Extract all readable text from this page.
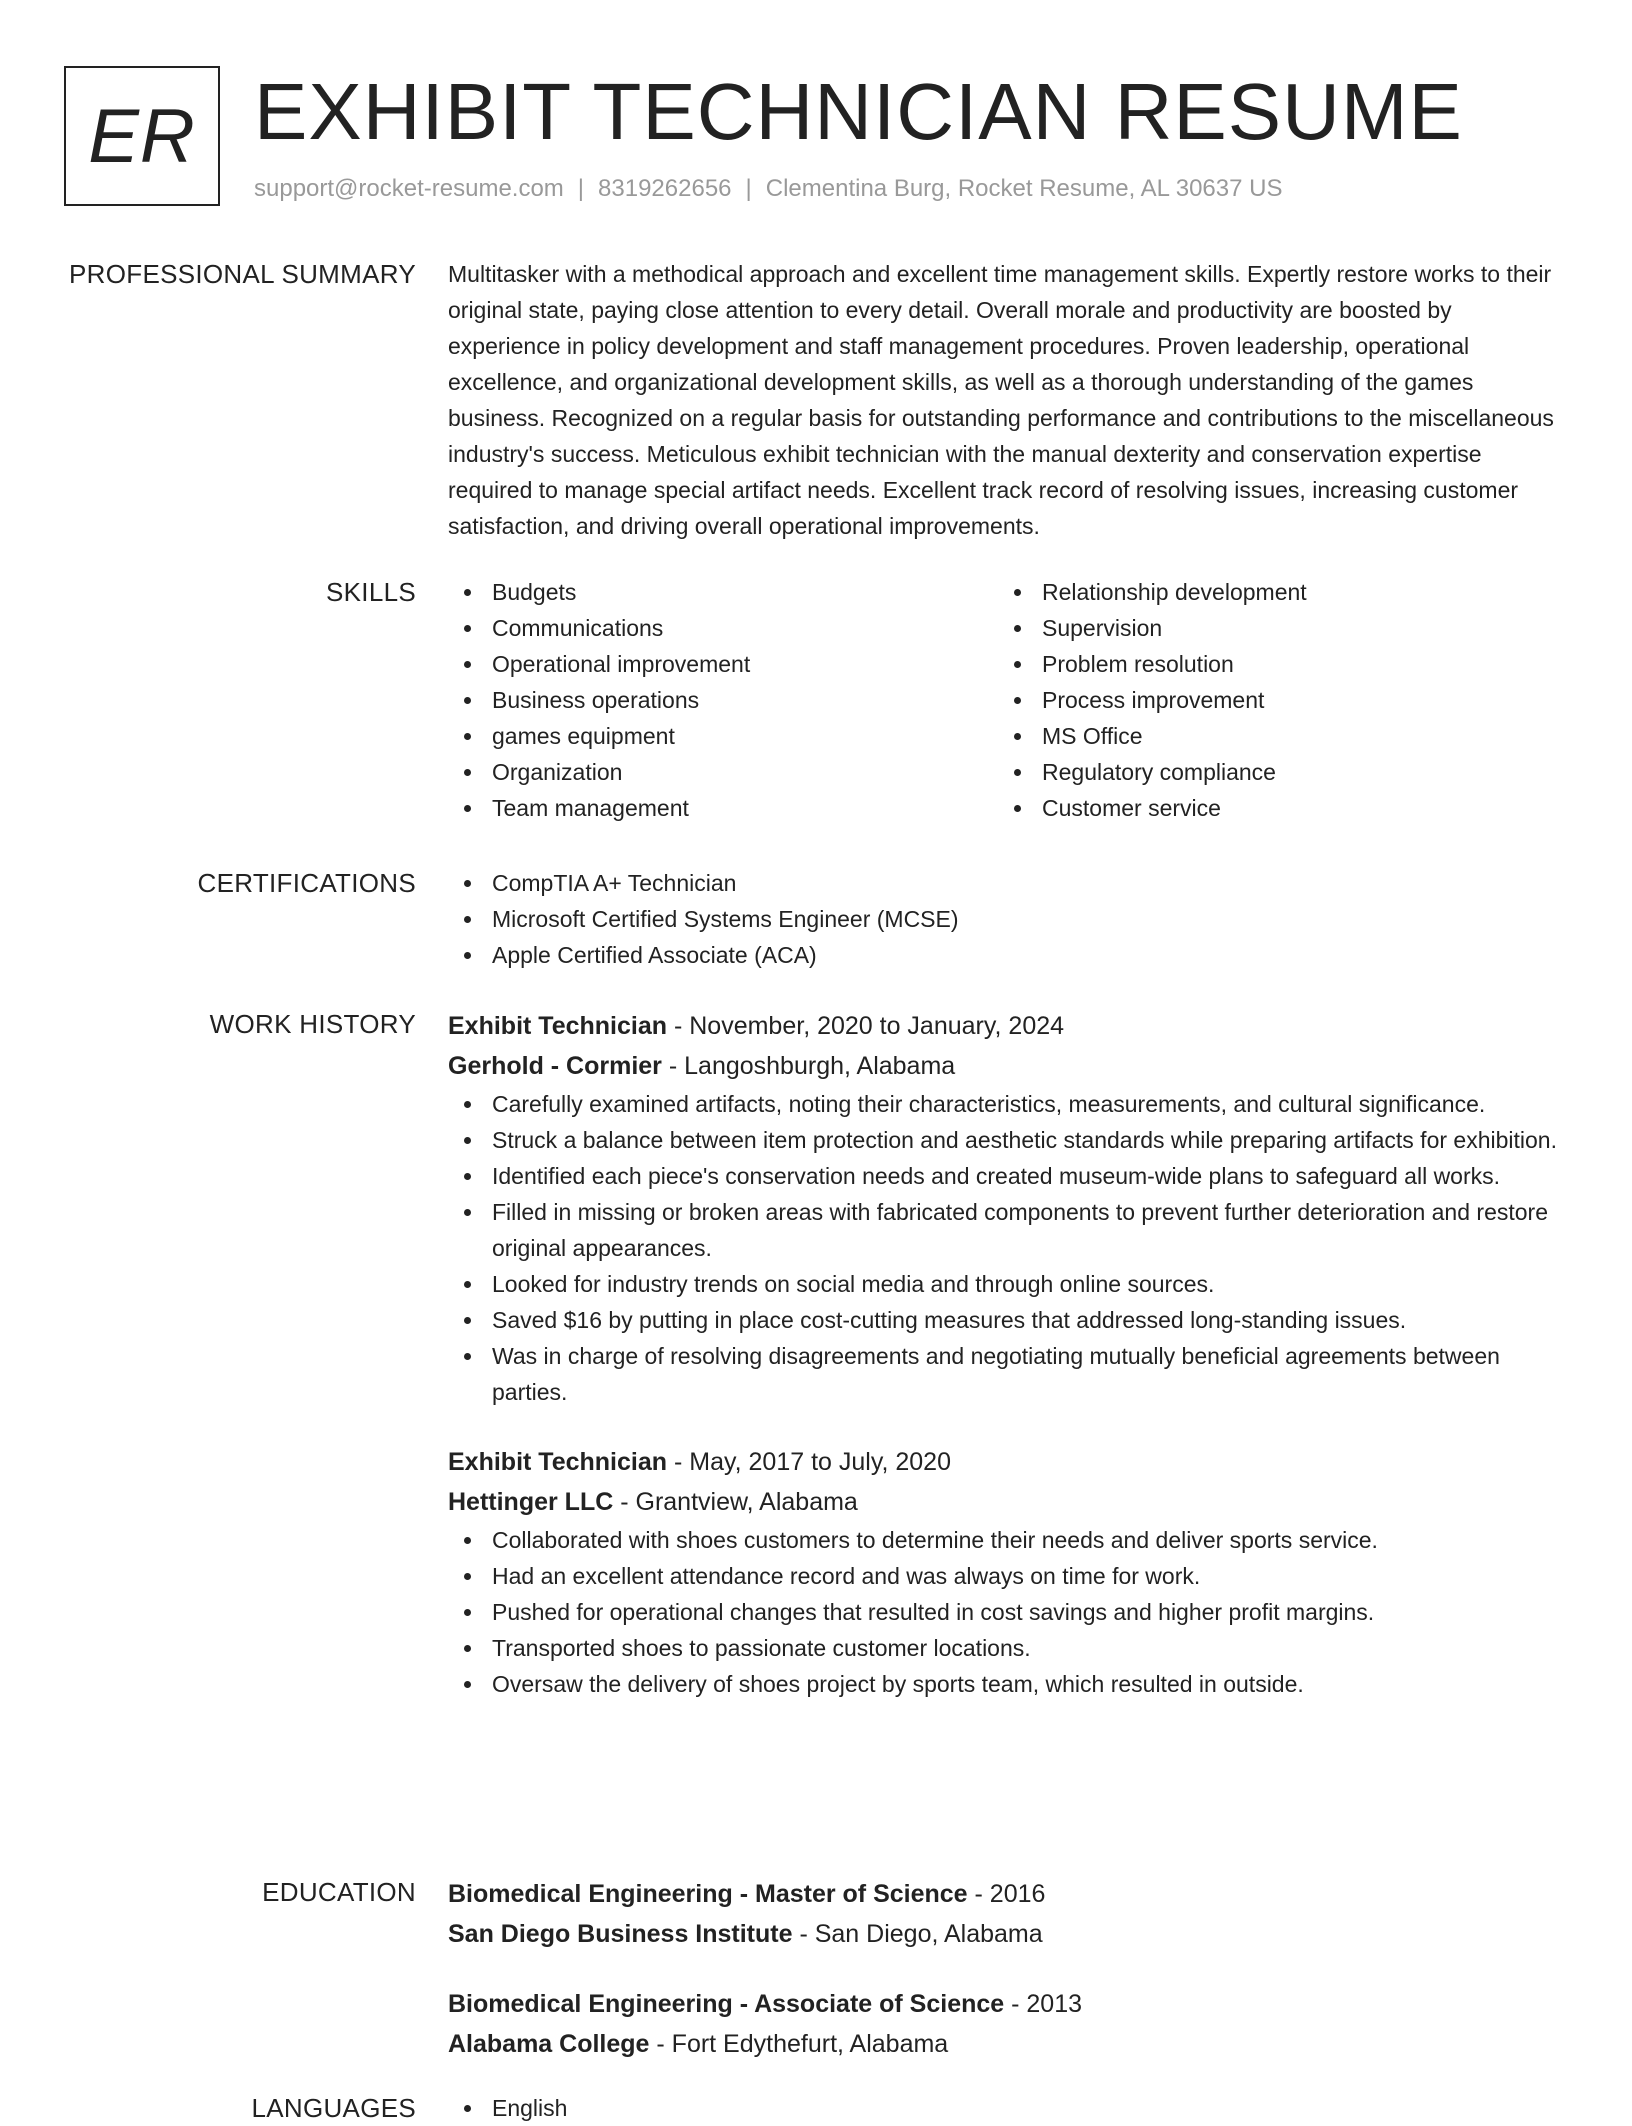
ER EXHIBIT TECHNICIAN RESUME
support@rocket-resume.com | 8319262656 | Clementina Burg, Rocket Resume, AL 30637 US
PROFESSIONAL SUMMARY Multitasker with a methodical approach and excellent time management skills. Expertly restore works to their original state, paying close attention to every detail. Overall morale and productivity are boosted by experience in policy development and staff management procedures. Proven leadership, operational excellence, and organizational development skills, as well as a thorough understanding of the games business. Recognized on a regular basis for outstanding performance and contributions to the miscellaneous industry's success. Meticulous exhibit technician with the manual dexterity and conservation expertise required to manage special artifact needs. Excellent track record of resolving issues, increasing customer satisfaction, and driving overall operational improvements.

SKILLS	Budgets
Communications
Operational improvement
Business operations
games equipment
Organization
Team management
Relationship development
Supervision
Problem resolution
Process improvement
MS Office
Regulatory compliance
Customer service
CERTIFICATIONS	CompTIA A+ Technician
Microsoft Certified Systems Engineer (MCSE)
Apple Certified Associate (ACA)
WORK HISTORY Exhibit Technician - November, 2020 to January, 2024
Gerhold - Cormier - Langoshburgh, Alabama
Carefully examined artifacts, noting their characteristics, measurements, and cultural significance.
Struck a balance between item protection and aesthetic standards while preparing artifacts for exhibition.
Identified each piece's conservation needs and created museum-wide plans to safeguard all works.
Filled in missing or broken areas with fabricated components to prevent further deterioration and restore original appearances.
Looked for industry trends on social media and through online sources.
Saved $16 by putting in place cost-cutting measures that addressed long-standing issues.
Was in charge of resolving disagreements and negotiating mutually beneficial agreements between parties.
Exhibit Technician - May, 2017 to July, 2020
Hettinger LLC - Grantview, Alabama
Collaborated with shoes customers to determine their needs and deliver sports service.
Had an excellent attendance record and was always on time for work.
Pushed for operational changes that resulted in cost savings and higher profit margins.
Transported shoes to passionate customer locations.
Oversaw the delivery of shoes project by sports team, which resulted in outside.
EDUCATION Biomedical Engineering - Master of Science - 2016
San Diego Business Institute - San Diego, Alabama
Biomedical Engineering - Associate of Science - 2013
Alabama College - Fort Edythefurt, Alabama
LANGUAGES	English
